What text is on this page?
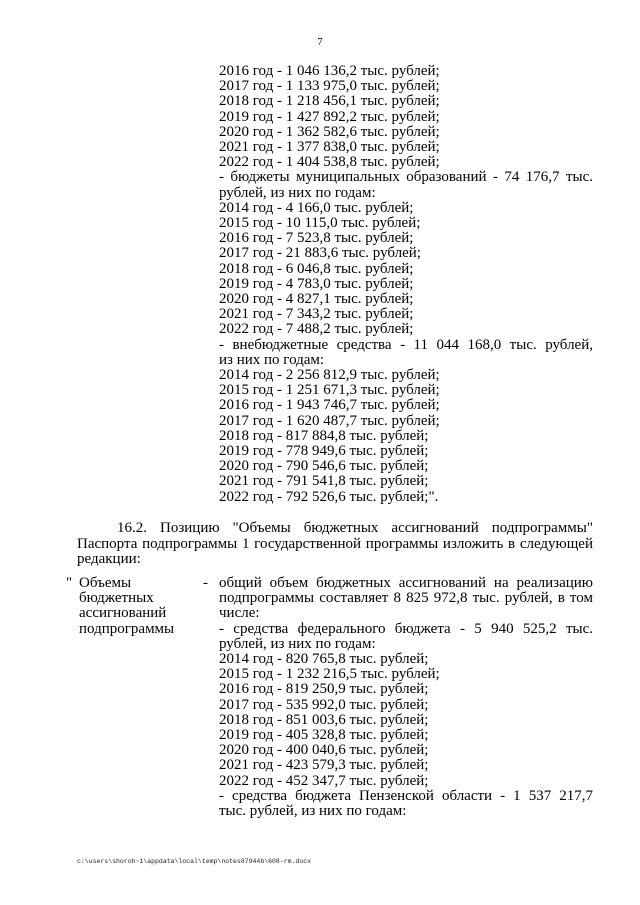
7
2016 год - 1 046 136,2 тыс. рублей;
2017 год - 1 133 975,0 тыс. рублей;
2018 год - 1 218 456,1 тыс. рублей;
2019 год - 1 427 892,2 тыс. рублей;
2020 год - 1 362 582,6 тыс. рублей;
2021 год - 1 377 838,0 тыс. рублей;
2022 год - 1 404 538,8 тыс. рублей;
- бюджеты муниципальных образований - 74 176,7 тыс.
рублей, из них по годам:
2014 год - 4 166,0 тыс. рублей;
2015 год - 10 115,0 тыс. рублей;
2016 год - 7 523,8 тыс. рублей;
2017 год - 21 883,6 тыс. рублей;
2018 год - 6 046,8 тыс. рублей;
2019 год - 4 783,0 тыс. рублей;
2020 год - 4 827,1 тыс. рублей;
2021 год - 7 343,2 тыс. рублей;
2022 год - 7 488,2 тыс. рублей;
- внебюджетные средства - 11 044 168,0 тыс. рублей,
из них по годам:
2014 год - 2 256 812,9 тыс. рублей;
2015 год - 1 251 671,3 тыс. рублей;
2016 год - 1 943 746,7 тыс. рублей;
2017 год - 1 620 487,7 тыс. рублей;
2018 год - 817 884,8 тыс. рублей;
2019 год - 778 949,6 тыс. рублей;
2020 год - 790 546,6 тыс. рублей;
2021 год - 791 541,8 тыс. рублей;
2022 год - 792 526,6 тыс. рублей;".
16.2. Позицию "Объемы бюджетных ассигнований подпрограммы"
Паспорта подпрограммы 1 государственной программы изложить в следующей
редакции:
" Объемы
бюджетных
ассигнований
подпрограммы
- общий объем бюджетных ассигнований на реализацию
подпрограммы составляет 8 825 972,8 тыс. рублей, в том
числе:
- средства федерального бюджета - 5 940 525,2 тыс.
рублей, из них по годам:
2014 год - 820 765,8 тыс. рублей;
2015 год - 1 232 216,5 тыс. рублей;
2016 год - 819 250,9 тыс. рублей;
2017 год - 535 992,0 тыс. рублей;
2018 год - 851 003,6 тыс. рублей;
2019 год - 405 328,8 тыс. рублей;
2020 год - 400 040,6 тыс. рублей;
2021 год - 423 579,3 тыс. рублей;
2022 год - 452 347,7 тыс. рублей;
- средства бюджета Пензенской области - 1 537 217,7
тыс. рублей, из них по годам:
c:\users\shoroh~1\appdata\local\temp\notes87944b\608-rm.docx
